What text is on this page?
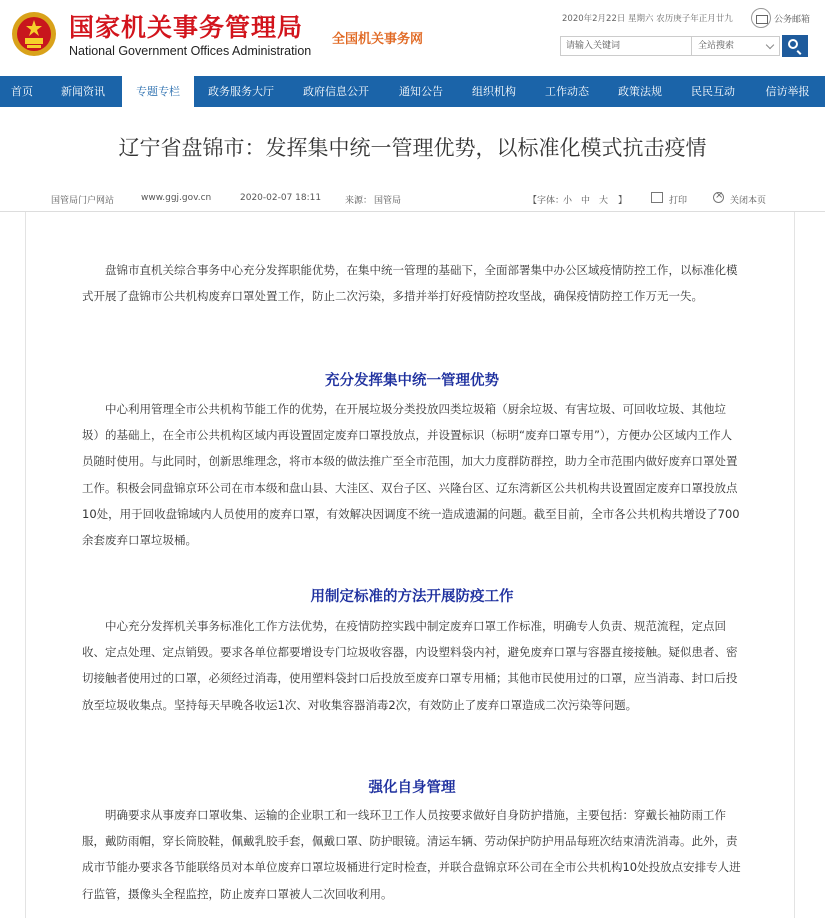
国家机关事务管理局
National Government Offices Administration
全国机关事务网
2020年2月22日 星期六 农历庚子年正月廿九	公务邮箱
请输入关键词	全站搜索
首页	新闻资讯	专题专栏	政务服务大厅	政府信息公开	通知公告	组织机构	工作动态	政策法规	民民互动	信访举报
辽宁省盘锦市：发挥集中统一管理优势，以标准化模式抗击疫情
国管局门户网站	www.ggj.gov.cn	2020-02-07 18:11	来源： 国管局	【字体：
小 中 大 】	打印
×	关闭本页

盘锦市直机关综合事务中心充分发挥职能优势，在集中统一管理的基础下，全面部署集中办公区域疫情防控工作，以标准化模式开展了盘锦市公共机构废弃口罩处置工作，防止二次污染，多措并举打好疫情防控攻坚战，确保疫情防控工作万无一失。

充分发挥集中统一管理优势

中心利用管理全市公共机构节能工作的优势，在开展垃圾分类投放四类垃圾箱（厨余垃圾、有害垃圾、可回收垃圾、其他垃圾）的基础上，在全市公共机构区域内再设置固定废弃口罩投放点，并设置标识（标明“废弃口罩专用”），方便办公区域内工作人员随时使用。与此同时，创新思维理念，将市本级的做法推广至全市范围，加大力度群防群控，助力全市范围内做好废弃口罩处置工作。积极会同盘锦京环公司在市本级和盘山县、大洼区、双台子区、兴隆台区、辽东湾新区公共机构共设置固定废弃口罩投放点10处，用于回收盘锦域内人员使用的废弃口罩，有效解决因调度不统一造成遗漏的问题。截至目前，全市各公共机构共增设了700余套废弃口罩垃圾桶。

用制定标准的方法开展防疫工作

中心充分发挥机关事务标准化工作方法优势，在疫情防控实践中制定废弃口罩工作标准，明确专人负责、规范流程，定点回收、定点处理、定点销毁。要求各单位都要增设专门垃圾收容器，内设塑料袋内衬，避免废弃口罩与容器直接接触。疑似患者、密切接触者使用过的口罩，必须经过消毒，使用塑料袋封口后投放至废弃口罩专用桶；其他市民使用过的口罩，应当消毒、封口后投放至垃圾收集点。坚持每天早晚各收运1次、对收集容器消毒2次，有效防止了废弃口罩造成二次污染等问题。

强化自身管理

明确要求从事废弃口罩收集、运输的企业职工和一线环卫工作人员按要求做好自身防护措施，主要包括：穿戴长袖防雨工作服，戴防雨帽，穿长筒胶鞋，佩戴乳胶手套，佩戴口罩、防护眼镜。清运车辆、劳动保护防护用品每班次结束清洗消毒。此外，责成市节能办要求各节能联络员对本单位废弃口罩垃圾桶进行定时检查，并联合盘锦京环公司在全市公共机构10处投放点安排专人进行监管，摄像头全程监控，防止废弃口罩被人二次回收利用。
